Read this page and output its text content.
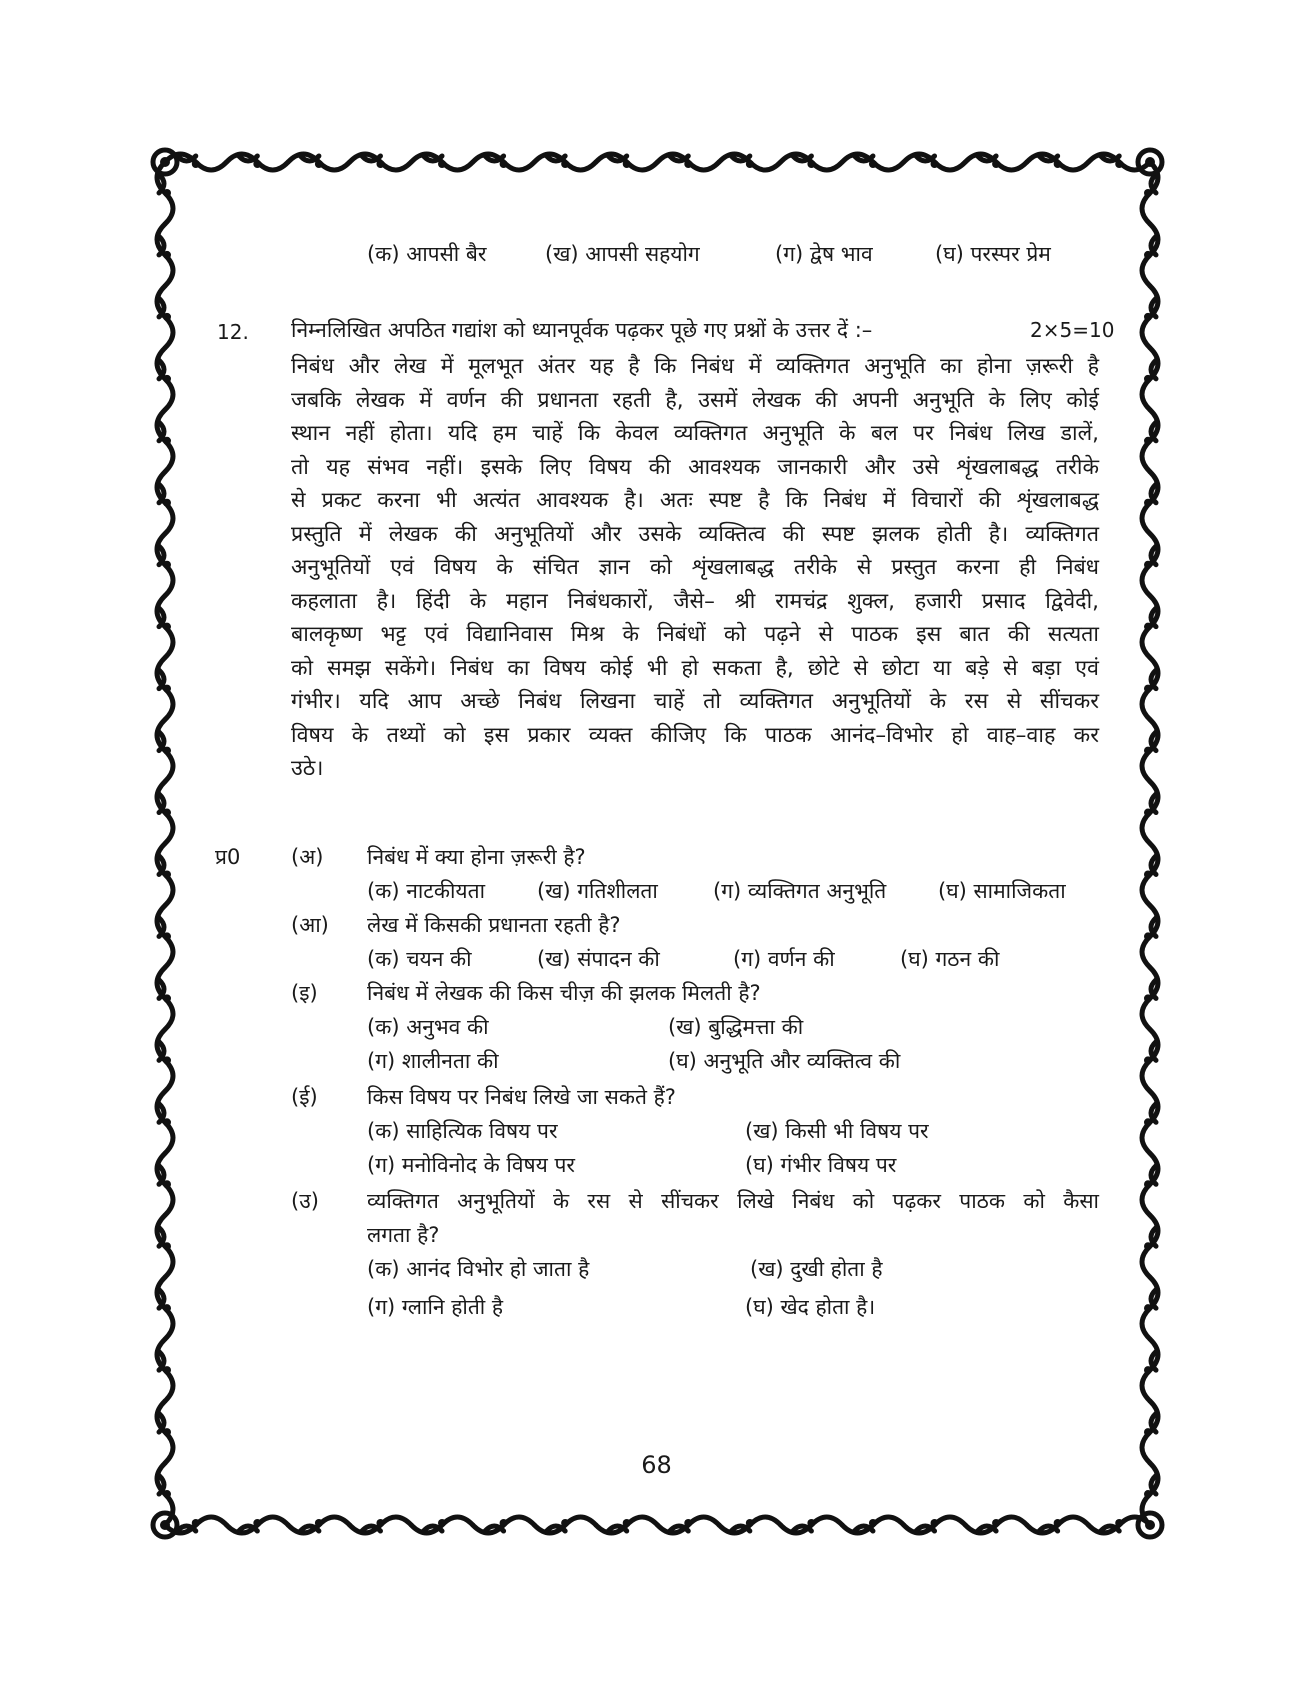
(क) आपसी बैर	(ख) आपसी सहयोग	(ग) द्वेष भाव	(घ) परस्पर प्रेम
12. निम्नलिखित अपठित गद्यांश को ध्यानपूर्वक पढ़कर पूछे गए प्रश्नों के उत्तर दें :–	2×5=10
निबंध और लेख में मूलभूत अंतर यह है कि निबंध में व्यक्तिगत अनुभूति का होना ज़रूरी है
जबकि लेखक में वर्णन की प्रधानता रहती है, उसमें लेखक की अपनी अनुभूति के लिए कोई
स्थान नहीं होता। यदि हम चाहें कि केवल व्यक्तिगत अनुभूति के बल पर निबंध लिख डालें,
तो यह संभव नहीं। इसके लिए विषय की आवश्यक जानकारी और उसे शृंखलाबद्ध तरीके
से प्रकट करना भी अत्यंत आवश्यक है। अतः स्पष्ट है कि निबंध में विचारों की शृंखलाबद्ध
प्रस्तुति में लेखक की अनुभूतियों और उसके व्यक्तित्व की स्पष्ट झलक होती है। व्यक्तिगत
अनुभूतियों एवं विषय के संचित ज्ञान को शृंखलाबद्ध तरीके से प्रस्तुत करना ही निबंध
कहलाता है। हिंदी के महान निबंधकारों, जैसे– श्री रामचंद्र शुक्ल, हजारी प्रसाद द्विवेदी,
बालकृष्ण भट्ट एवं विद्यानिवास मिश्र के निबंधों को पढ़ने से पाठक इस बात की सत्यता
को समझ सकेंगे। निबंध का विषय कोई भी हो सकता है, छोटे से छोटा या बड़े से बड़ा एवं
गंभीर। यदि आप अच्छे निबंध लिखना चाहें तो व्यक्तिगत अनुभूतियों के रस से सींचकर
विषय के तथ्यों को इस प्रकार व्यक्त कीजिए कि पाठक आनंद–विभोर हो वाह–वाह कर
उठे।
प्र0 (अ) निबंध में क्या होना ज़रूरी है?
(क) नाटकीयता (ख) गतिशीलता	(ग) व्यक्तिगत अनुभूति (घ) सामाजिकता
(आ) लेख में किसकी प्रधानता रहती है?
(क) चयन की	(ख) संपादन की	(ग) वर्णन की	(घ) गठन की
(इ) निबंध में लेखक की किस चीज़ की झलक मिलती है?
(क) अनुभव की	(ख) बुद्धिमत्ता की
(ग) शालीनता की	(घ) अनुभूति और व्यक्तित्व की
(ई) किस विषय पर निबंध लिखे जा सकते हैं?
(क) साहित्यिक विषय पर	(ख) किसी भी विषय पर
(ग) मनोविनोद के विषय पर	(घ) गंभीर विषय पर
(उ) व्यक्तिगत अनुभूतियों के रस से सींचकर लिखे निबंध को पढ़कर पाठक को कैसा
लगता है?
(क) आनंद विभोर हो जाता है	(ख) दुखी होता है
(ग) ग्लानि होती है	(घ) खेद होता है।
68
